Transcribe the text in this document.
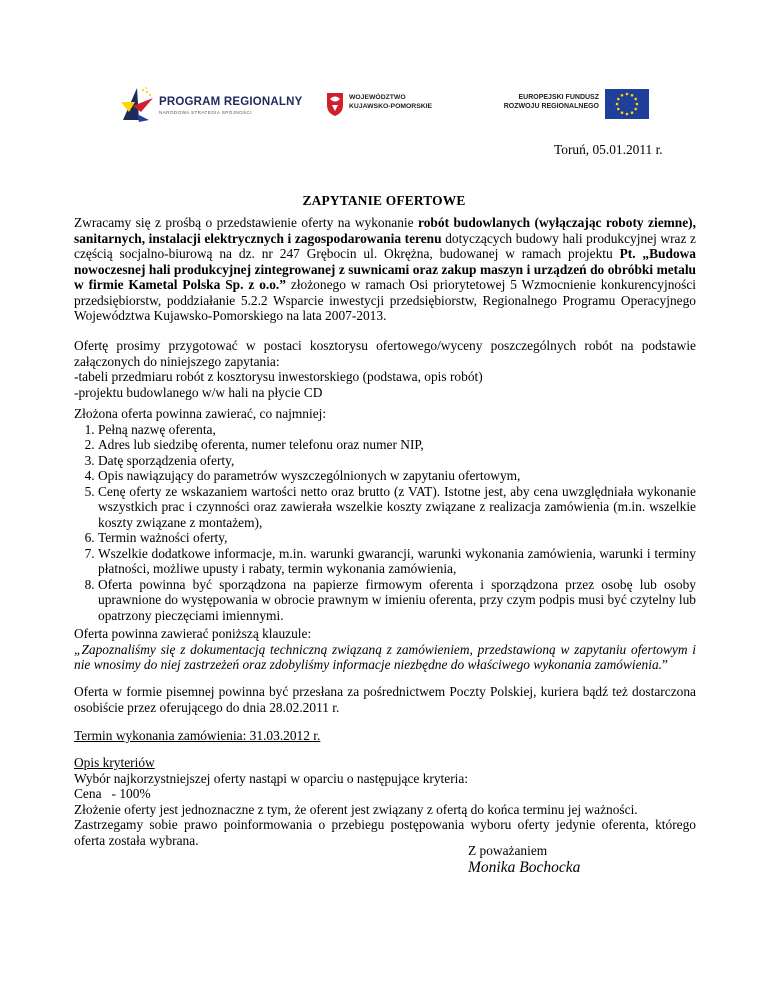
PROGRAM REGIONALNY
NARODOWA STRATEGIA SPÓJNOŚCI
WOJEWÓDZTWO
KUJAWSKO-POMORSKIE
EUROPEJSKI FUNDUSZ
ROZWOJU REGIONALNEGO
Toruń, 05.01.2011 r.
ZAPYTANIE OFERTOWE

Zwracamy się z prośbą o przedstawienie oferty na wykonanie robót budowlanych (wyłączając roboty ziemne), sanitarnych, instalacji elektrycznych i zagospodarowania terenu dotyczących budowy hali produkcyjnej wraz z częścią socjalno-biurową na dz. nr 247 Grębocin ul. Okrężna, budowanej w ramach projektu Pt. „Budowa nowoczesnej hali produkcyjnej zintegrowanej z suwnicami oraz zakup maszyn i urządzeń do obróbki metalu w firmie Kametal Polska Sp. z o.o.” złożonego w ramach Osi priorytetowej 5 Wzmocnienie konkurencyjności przedsiębiorstw, poddziałanie 5.2.2 Wsparcie inwestycji przedsiębiorstw, Regionalnego Programu Operacyjnego Województwa Kujawsko-Pomorskiego na lata 2007-2013.

Ofertę prosimy przygotować w postaci kosztorysu ofertowego/wyceny poszczególnych robót na podstawie załączonych do niniejszego zapytania:

-tabeli przedmiaru robót z kosztorysu inwestorskiego (podstawa, opis robót)

-projektu budowlanego w/w hali na płycie CD

Złożona oferta powinna zawierać, co najmniej:

1. Pełną nazwę oferenta,
2. Adres lub siedzibę oferenta, numer telefonu oraz numer NIP,
3. Datę sporządzenia oferty,
4. Opis nawiązujący do parametrów wyszczególnionych w zapytaniu ofertowym,
5. Cenę oferty ze wskazaniem wartości netto oraz brutto (z VAT). Istotne jest, aby cena uwzględniała wykonanie wszystkich prac i czynności oraz zawierała wszelkie koszty związane z realizacja zamówienia (m.in. wszelkie koszty związane z montażem),
6. Termin ważności oferty,
7. Wszelkie dodatkowe informacje, m.in. warunki gwarancji, warunki wykonania zamówienia, warunki i terminy płatności, możliwe upusty i rabaty, termin wykonania zamówienia,
8. Oferta powinna być sporządzona na papierze firmowym oferenta i sporządzona przez osobę lub osoby uprawnione do występowania w obrocie prawnym w imieniu oferenta, przy czym podpis musi być czytelny lub opatrzony pieczęciami imiennymi.

Oferta powinna zawierać poniższą klauzule:

„Zapoznaliśmy się z dokumentacją techniczną związaną z zamówieniem, przedstawioną w zapytaniu ofertowym i nie wnosimy do niej zastrzeżeń oraz zdobyliśmy informacje niezbędne do właściwego wykonania zamówienia.”

Oferta w formie pisemnej powinna być przesłana za pośrednictwem Poczty Polskiej, kuriera bądź też dostarczona osobiście przez oferującego do dnia 28.02.2011 r.

Termin wykonania zamówienia: 31.03.2012 r.

Opis kryteriów

Wybór najkorzystniejszej oferty nastąpi w oparciu o następujące kryteria:

Cena   - 100%

Złożenie oferty jest jednoznaczne z tym, że oferent jest związany z ofertą do końca terminu jej ważności.

Zastrzegamy sobie prawo poinformowania o przebiegu postępowania wyboru oferty jedynie oferenta, którego oferta została wybrana.

Z poważaniem
Monika Bochocka
